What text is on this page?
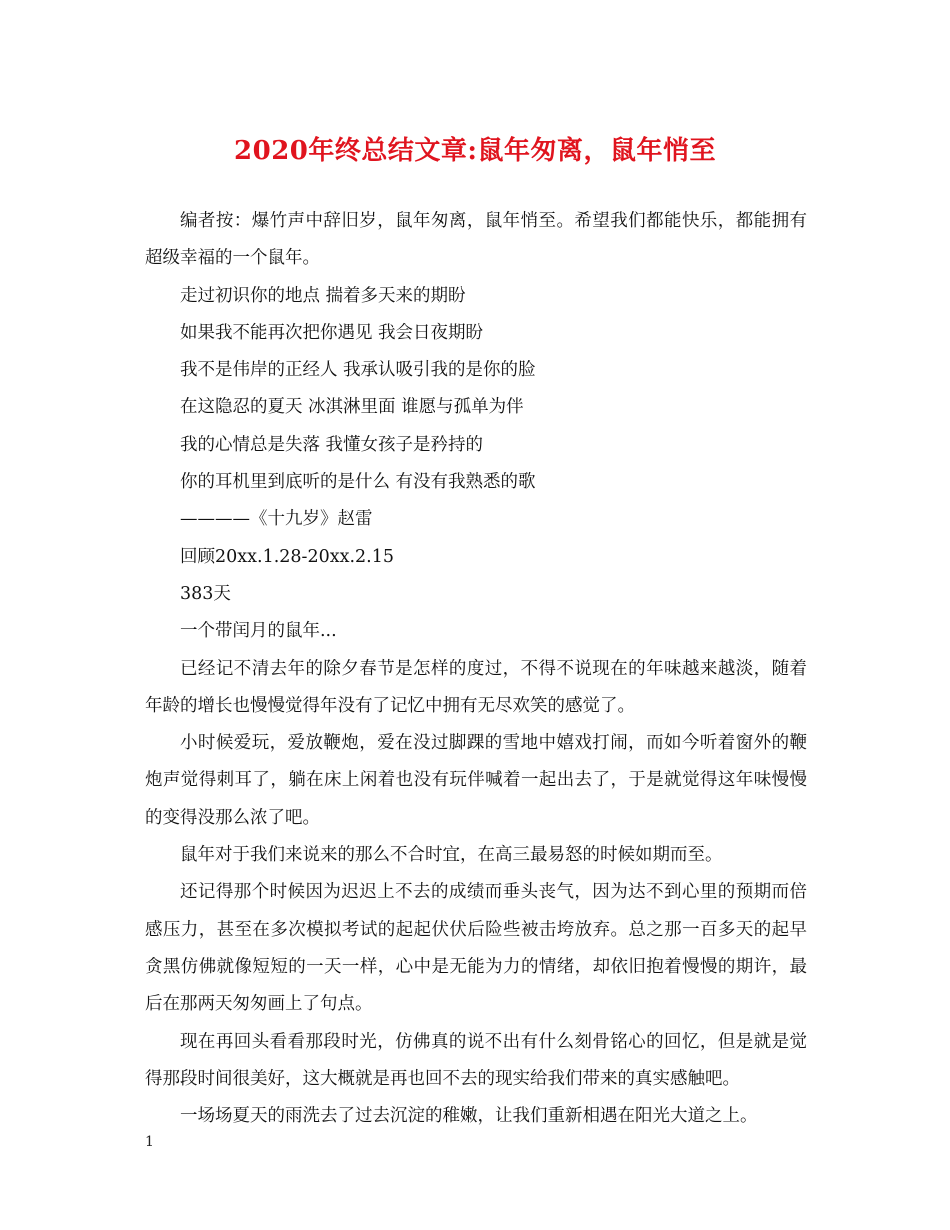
2020年终总结文章:鼠年匆离，鼠年悄至

编者按：爆竹声中辞旧岁，鼠年匆离，鼠年悄至。希望我们都能快乐，都能拥有超级幸福的一个鼠年。

走过初识你的地点 揣着多天来的期盼

如果我不能再次把你遇见 我会日夜期盼

我不是伟岸的正经人 我承认吸引我的是你的脸

在这隐忍的夏天 冰淇淋里面 谁愿与孤单为伴

我的心情总是失落 我懂女孩子是矜持的

你的耳机里到底听的是什么 有没有我熟悉的歌

————《十九岁》赵雷

回顾20xx.1.28-20xx.2.15

383天

一个带闰月的鼠年...

已经记不清去年的除夕春节是怎样的度过，不得不说现在的年味越来越淡，随着年龄的增长也慢慢觉得年没有了记忆中拥有无尽欢笑的感觉了。

小时候爱玩，爱放鞭炮，爱在没过脚踝的雪地中嬉戏打闹，而如今听着窗外的鞭炮声觉得刺耳了，躺在床上闲着也没有玩伴喊着一起出去了，于是就觉得这年味慢慢的变得没那么浓了吧。

鼠年对于我们来说来的那么不合时宜，在高三最易怒的时候如期而至。

还记得那个时候因为迟迟上不去的成绩而垂头丧气，因为达不到心里的预期而倍感压力，甚至在多次模拟考试的起起伏伏后险些被击垮放弃。总之那一百多天的起早贪黑仿佛就像短短的一天一样，心中是无能为力的情绪，却依旧抱着慢慢的期许，最后在那两天匆匆画上了句点。

现在再回头看看那段时光，仿佛真的说不出有什么刻骨铭心的回忆，但是就是觉得那段时间很美好，这大概就是再也回不去的现实给我们带来的真实感触吧。

一场场夏天的雨洗去了过去沉淀的稚嫩，让我们重新相遇在阳光大道之上。

1
